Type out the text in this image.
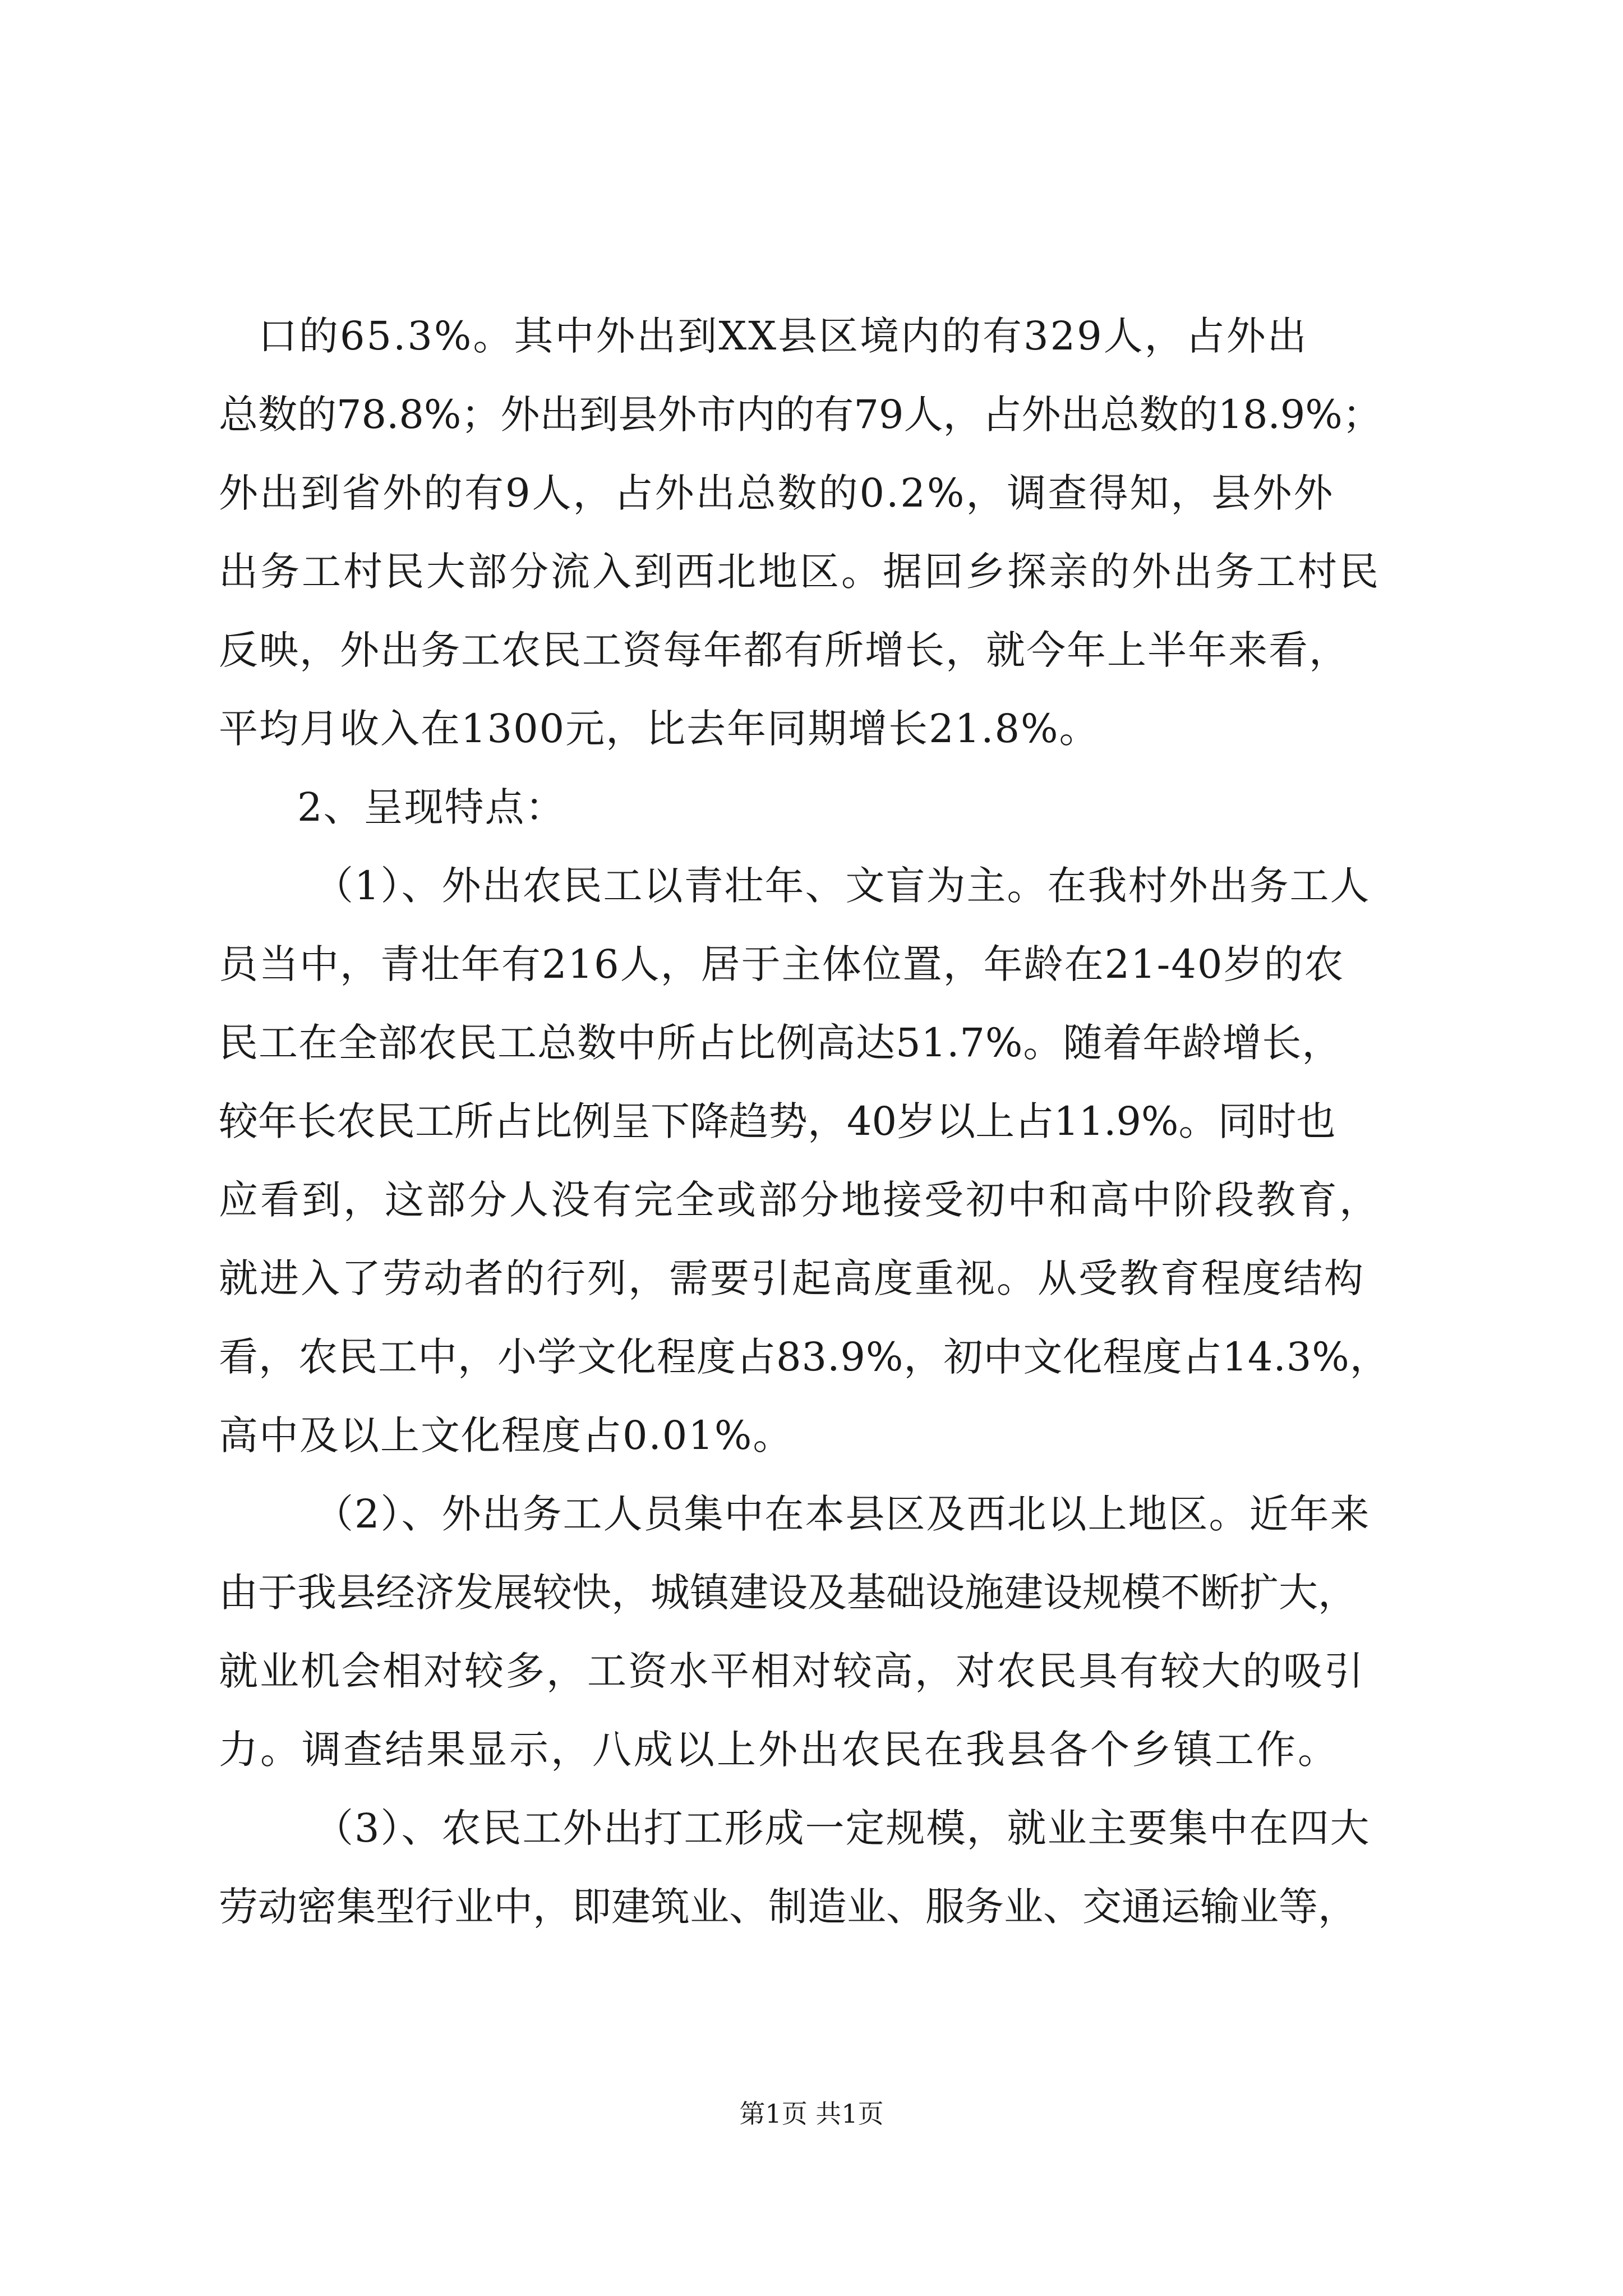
口的65.3%。其中外出到XX县区境内的有329人，占外出
总数的78.8%；外出到县外市内的有79人，占外出总数的18.9%；
外出到省外的有9人，占外出总数的0.2%，调查得知，县外外
出务工村民大部分流入到西北地区。据回乡探亲的外出务工村民
反映，外出务工农民工资每年都有所增长，就今年上半年来看，
平均月收入在1300元，比去年同期增长21.8%。
2、呈现特点：
（1）、外出农民工以青壮年、文盲为主。在我村外出务工人
员当中，青壮年有216人，居于主体位置，年龄在21-40岁的农
民工在全部农民工总数中所占比例高达51.7%。随着年龄增长，
较年长农民工所占比例呈下降趋势，40岁以上占11.9%。同时也
应看到，这部分人没有完全或部分地接受初中和高中阶段教育，
就进入了劳动者的行列，需要引起高度重视。从受教育程度结构
看，农民工中，小学文化程度占83.9%，初中文化程度占14.3%，
高中及以上文化程度占0.01%。
（2）、外出务工人员集中在本县区及西北以上地区。近年来
由于我县经济发展较快，城镇建设及基础设施建设规模不断扩大，
就业机会相对较多，工资水平相对较高，对农民具有较大的吸引
力。调查结果显示，八成以上外出农民在我县各个乡镇工作。
（3）、农民工外出打工形成一定规模，就业主要集中在四大
劳动密集型行业中，即建筑业、制造业、服务业、交通运输业等，
第1页 共1页
